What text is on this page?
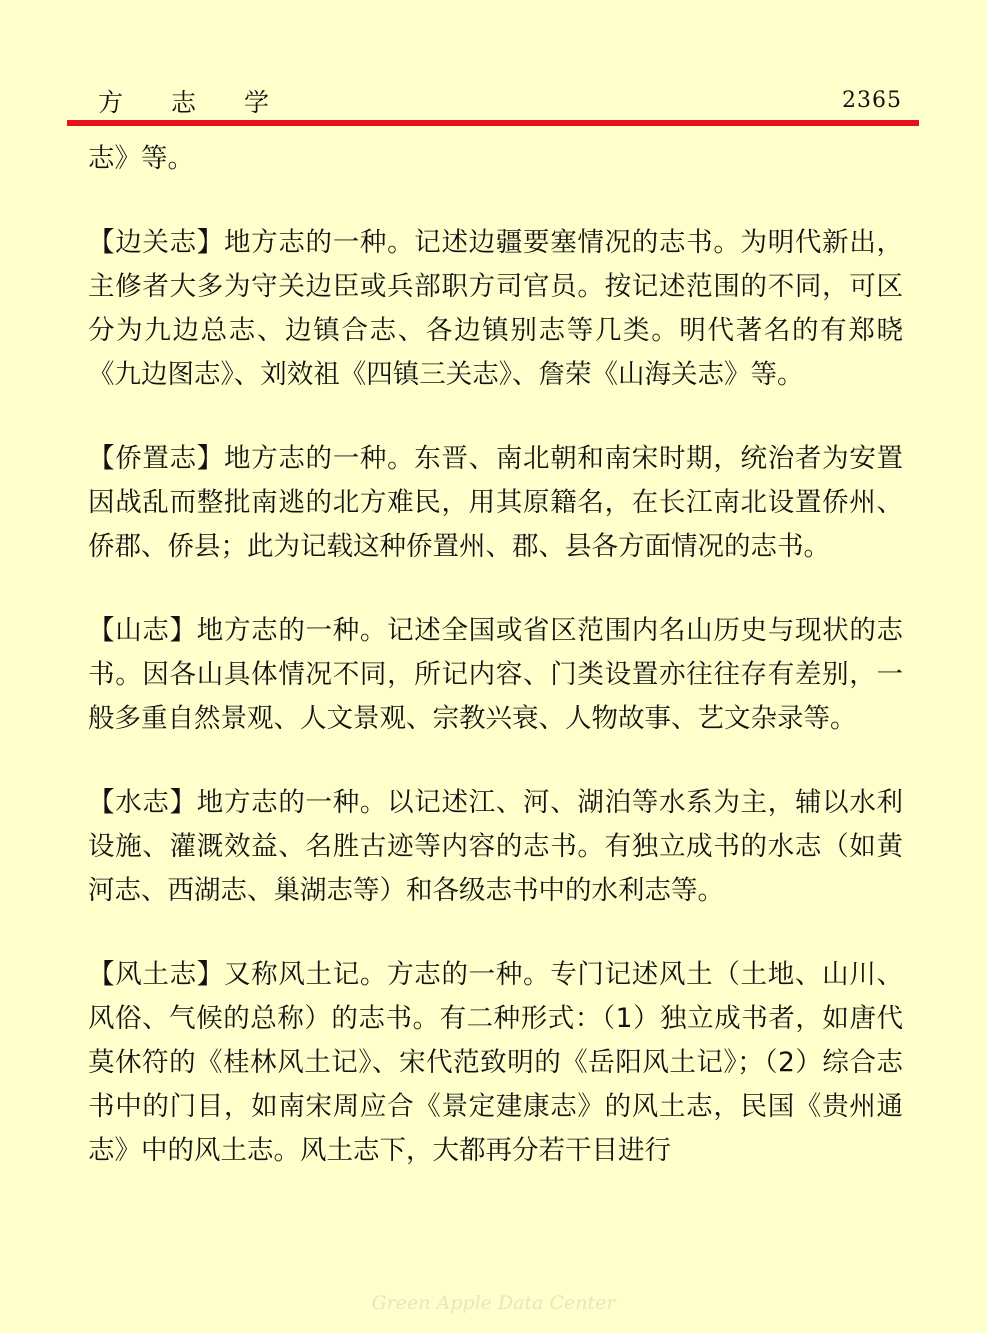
方志学	2365

志》等。

【边关志】地方志的一种。记述边疆要塞情况的志书。为明代新出，主修者大多为守关边臣或兵部职方司官员。按记述范围的不同，可区分为九边总志、边镇合志、各边镇别志等几类。明代著名的有郑晓《九边图志》、刘效祖《四镇三关志》、詹荣《山海关志》等。

【侨置志】地方志的一种。东晋、南北朝和南宋时期，统治者为安置因战乱而整批南逃的北方难民，用其原籍名，在长江南北设置侨州、侨郡、侨县；此为记载这种侨置州、郡、县各方面情况的志书。

【山志】地方志的一种。记述全国或省区范围内名山历史与现状的志书。因各山具体情况不同，所记内容、门类设置亦往往存有差别，一般多重自然景观、人文景观、宗教兴衰、人物故事、艺文杂录等。

【水志】地方志的一种。以记述江、河、湖泊等水系为主，辅以水利设施、灌溉效益、名胜古迹等内容的志书。有独立成书的水志（如黄河志、西湖志、巢湖志等）和各级志书中的水利志等。

【风土志】又称风土记。方志的一种。专门记述风土（土地、山川、风俗、气候的总称）的志书。有二种形式：（1）独立成书者，如唐代莫休符的《桂林风土记》、宋代范致明的《岳阳风土记》；（2）综合志书中的门目，如南宋周应合《景定建康志》的风土志，民国《贵州通志》中的风土志。风土志下，大都再分若干目进行

Green Apple Data Center
